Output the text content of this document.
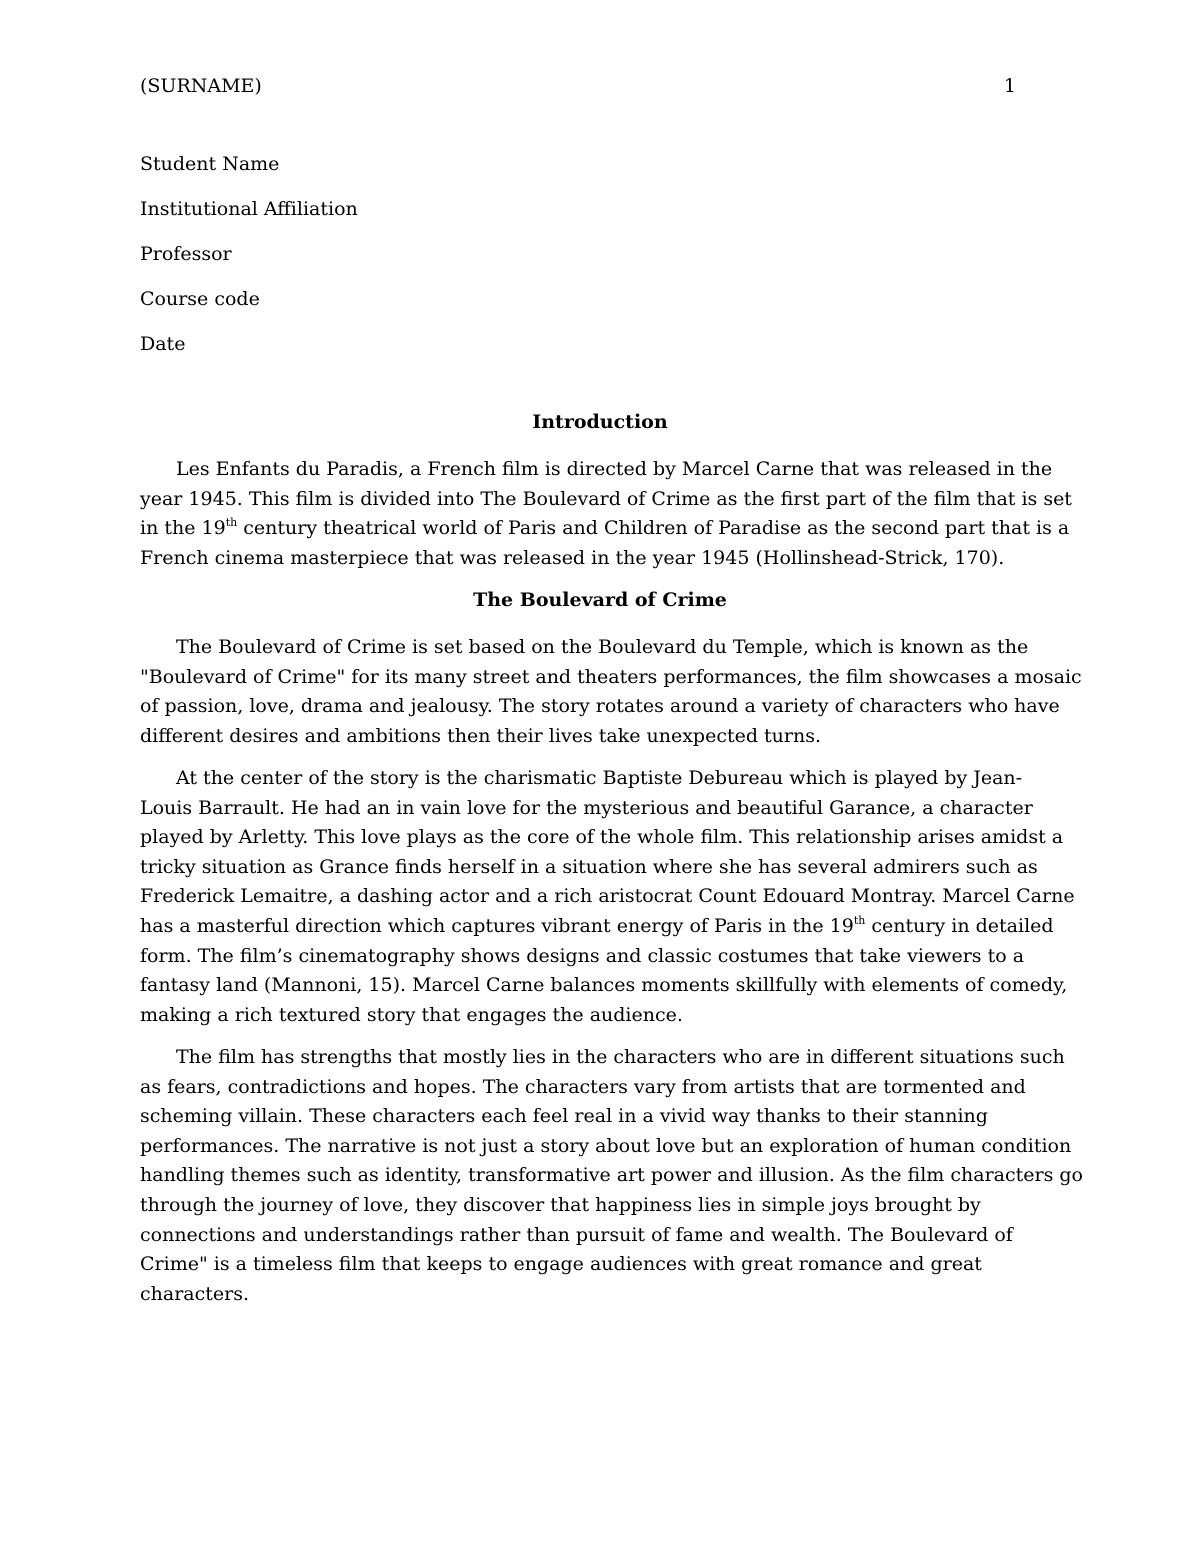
(SURNAME)	1
Student Name
Institutional Affiliation
Professor
Course code
Date
Introduction
Les Enfants du Paradis, a French film is directed by Marcel Carne that was released in the
year 1945. This film is divided into The Boulevard of Crime as the first part of the film that is set
in the 19th century theatrical world of Paris and Children of Paradise as the second part that is a
French cinema masterpiece that was released in the year 1945 (Hollinshead-Strick, 170).
The Boulevard of Crime
The Boulevard of Crime is set based on the Boulevard du Temple, which is known as the
"Boulevard of Crime" for its many street and theaters performances, the film showcases a mosaic
of passion, love, drama and jealousy. The story rotates around a variety of characters who have
different desires and ambitions then their lives take unexpected turns.
At the center of the story is the charismatic Baptiste Debureau which is played by Jean-
Louis Barrault. He had an in vain love for the mysterious and beautiful Garance, a character
played by Arletty. This love plays as the core of the whole film. This relationship arises amidst a
tricky situation as Grance finds herself in a situation where she has several admirers such as
Frederick Lemaitre, a dashing actor and a rich aristocrat Count Edouard Montray. Marcel Carne
has a masterful direction which captures vibrant energy of Paris in the 19th century in detailed
form. The film’s cinematography shows designs and classic costumes that take viewers to a
fantasy land (Mannoni, 15). Marcel Carne balances moments skillfully with elements of comedy,
making a rich textured story that engages the audience.
The film has strengths that mostly lies in the characters who are in different situations such
as fears, contradictions and hopes. The characters vary from artists that are tormented and
scheming villain. These characters each feel real in a vivid way thanks to their stanning
performances. The narrative is not just a story about love but an exploration of human condition
handling themes such as identity, transformative art power and illusion. As the film characters go
through the journey of love, they discover that happiness lies in simple joys brought by
connections and understandings rather than pursuit of fame and wealth. The Boulevard of
Crime" is a timeless film that keeps to engage audiences with great romance and great
characters.
